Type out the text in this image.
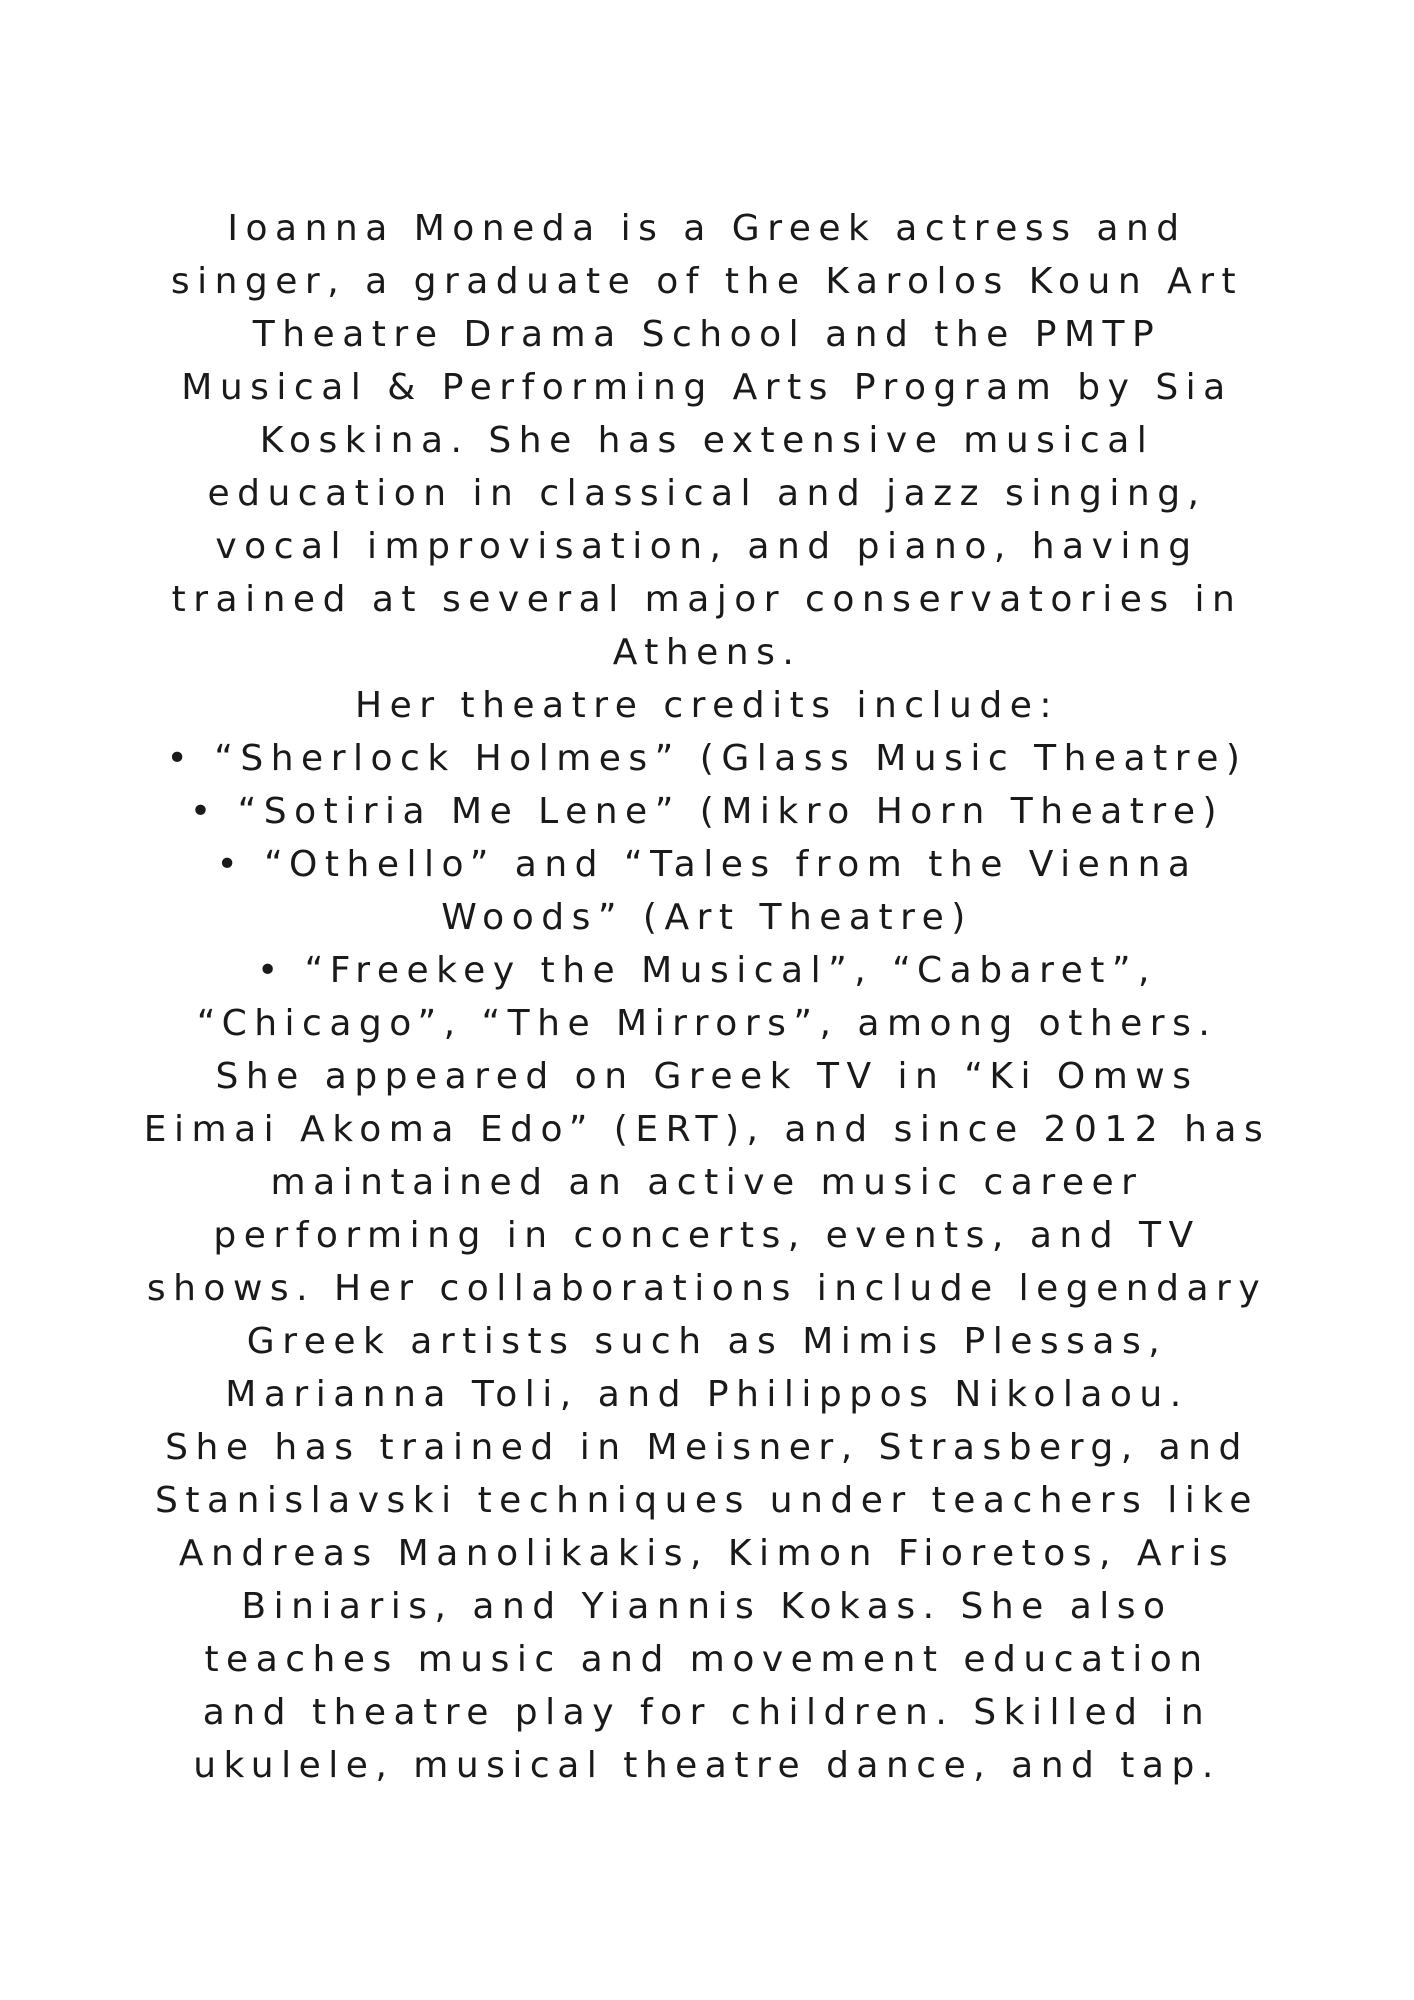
Ioanna Moneda is a Greek actress and
singer, a graduate of the Karolos Koun Art
Theatre Drama School and the PMTP
Musical & Performing Arts Program by Sia
Koskina. She has extensive musical
education in classical and jazz singing,
vocal improvisation, and piano, having
trained at several major conservatories in
Athens.
Her theatre credits include:
• “Sherlock Holmes” (Glass Music Theatre)
• “Sotiria Me Lene” (Mikro Horn Theatre)
• “Othello” and “Tales from the Vienna
Woods” (Art Theatre)
• “Freekey the Musical”, “Cabaret”,
“Chicago”, “The Mirrors”, among others.
She appeared on Greek TV in “Ki Omws
Eimai Akoma Edo” (ERT), and since 2012 has
maintained an active music career
performing in concerts, events, and TV
shows. Her collaborations include legendary
Greek artists such as Mimis Plessas,
Marianna Toli, and Philippos Nikolaou.
She has trained in Meisner, Strasberg, and
Stanislavski techniques under teachers like
Andreas Manolikakis, Kimon Fioretos, Aris
Biniaris, and Yiannis Kokas. She also
teaches music and movement education
and theatre play for children. Skilled in
ukulele, musical theatre dance, and tap.
